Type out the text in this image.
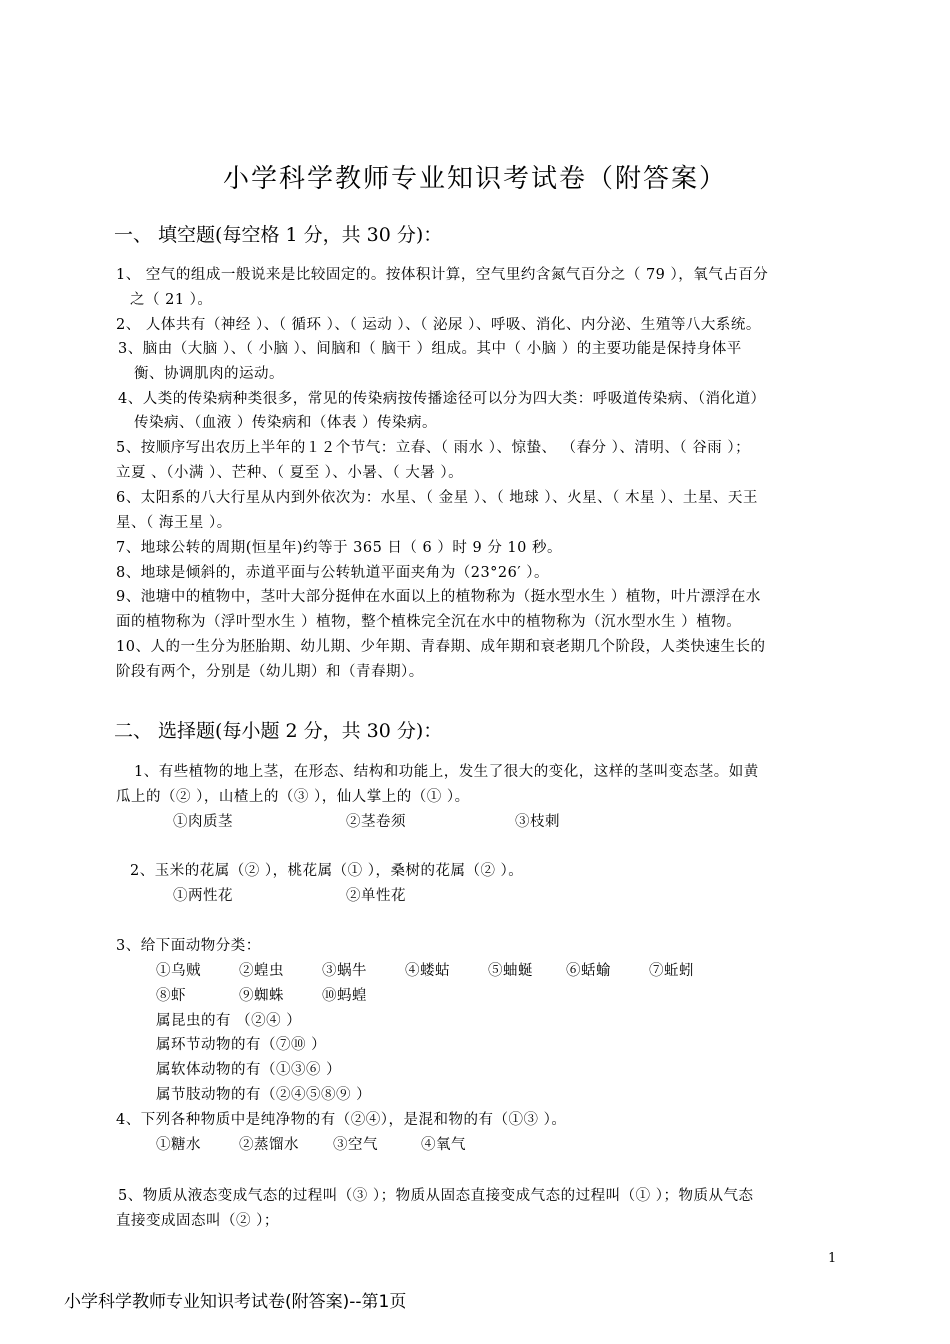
小学科学教师专业知识考试卷（附答案）
一、 填空题(每空格 1 分，共 30 分)：
1、 空气的组成一般说来是比较固定的。按体积计算，空气里约含氮气百分之（ 79 ），氧气占百分
之（ 21 ）。
2、 人体共有（神经 ）、（ 循环 ）、（ 运动 ）、（ 泌尿 ）、呼吸、消化、内分泌、生殖等八大系统。
3、脑由（大脑 ）、（ 小脑 ）、间脑和（ 脑干 ）组成。其中（ 小脑 ）的主要功能是保持身体平
衡、协调肌肉的运动。
4、人类的传染病种类很多，常见的传染病按传播途径可以分为四大类：呼吸道传染病、（消化道）
传染病、（血液 ）传染病和（体表 ）传染病。
5、按顺序写出农历上半年的１２个节气：立春、（ 雨水 ）、惊蛰、 （春分 ）、清明、（ 谷雨 ）；
立夏 、（小满 ）、芒种、（ 夏至 ）、小暑、（ 大暑 ）。
6、太阳系的八大行星从内到外依次为：水星、（ 金星 ）、（ 地球 ）、火星、（ 木星 ）、土星、天王
星、（ 海王星 ）。
7、地球公转的周期(恒星年)约等于 365 日（ 6 ）时 9 分 10 秒。
8、地球是倾斜的，赤道平面与公转轨道平面夹角为（23°26′ ）。
9、池塘中的植物中，茎叶大部分挺伸在水面以上的植物称为（挺水型水生 ）植物，叶片漂浮在水
面的植物称为（浮叶型水生 ）植物，整个植株完全沉在水中的植物称为（沉水型水生 ）植物。
10、人的一生分为胚胎期、幼儿期、少年期、青春期、成年期和衰老期几个阶段，人类快速生长的
阶段有两个，分别是（幼儿期）和（青春期）。
二、 选择题(每小题 2 分，共 30 分)：
1、有些植物的地上茎，在形态、结构和功能上，发生了很大的变化，这样的茎叫变态茎。如黄
瓜上的（② ），山楂上的（③ ），仙人掌上的（① ）。
①肉质茎	②茎卷须	③枝刺
2、玉米的花属（② ），桃花属（① ），桑树的花属（② ）。
①两性花	②单性花
3、给下面动物分类：
①乌贼	②蝗虫	③蜗牛	④蝼蛄	⑤蚰蜒 ⑥蛞蝓	⑦蚯蚓
⑧虾	⑨蜘蛛	⑩蚂蝗
属昆虫的有 （②④ ）
属环节动物的有（⑦⑩ ）
属软体动物的有（①③⑥ ）
属节肢动物的有（②④⑤⑧⑨ ）
4、下列各种物质中是纯净物的有（②④），是混和物的有（①③ ）。
①糖水	②蒸馏水 ③空气	④氧气
5、物质从液态变成气态的过程叫（③ ）；物质从固态直接变成气态的过程叫（① ）；物质从气态
直接变成固态叫（② ）；
1
小学科学教师专业知识考试卷(附答案)--第1页
